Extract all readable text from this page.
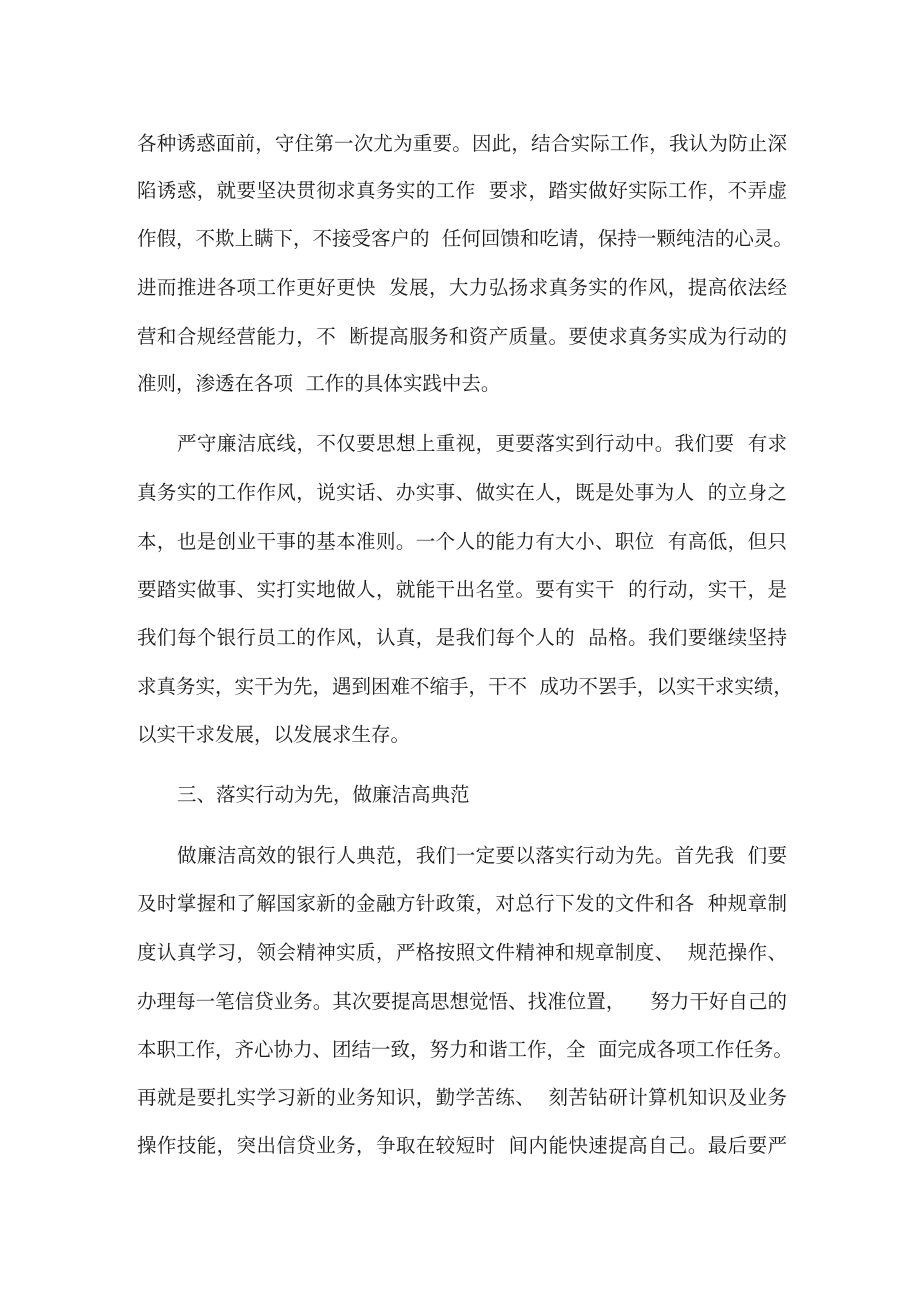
各种诱惑面前，守住第一次尤为重要。因此，结合实际工作，我认为防止深
陷诱惑，就要坚决贯彻求真务实的工作  要求，踏实做好实际工作，不弄虚
作假，不欺上瞒下，不接受客户的  任何回馈和吃请，保持一颗纯洁的心灵。
进而推进各项工作更好更快  发展，大力弘扬求真务实的作风，提高依法经
营和合规经营能力，不  断提高服务和资产质量。要使求真务实成为行动的
准则，渗透在各项  工作的具体实践中去。
严守廉洁底线，不仅要思想上重视，更要落实到行动中。我们要  有求
真务实的工作作风，说实话、办实事、做实在人，既是处事为人  的立身之
本，也是创业干事的基本准则。一个人的能力有大小、职位  有高低，但只
要踏实做事、实打实地做人，就能干出名堂。要有实干  的行动，实干，是
我们每个银行员工的作风，认真，是我们每个人的  品格。我们要继续坚持
求真务实，实干为先，遇到困难不缩手，干不  成功不罢手，以实干求实绩，
以实干求发展，以发展求生存。
三、落实行动为先，做廉洁高典范
做廉洁高效的银行人典范，我们一定要以落实行动为先。首先我  们要
及时掌握和了解国家新的金融方针政策，对总行下发的文件和各  种规章制
度认真学习，领会精神实质，严格按照文件精神和规章制度、  规范操作、
办理每一笔信贷业务。其次要提高思想觉悟、找准位置，    努力干好自己的
本职工作，齐心协力、团结一致，努力和谐工作，全  面完成各项工作任务。
再就是要扎实学习新的业务知识，勤学苦练、  刻苦钻研计算机知识及业务
操作技能，突出信贷业务，争取在较短时  间内能快速提高自己。最后要严
